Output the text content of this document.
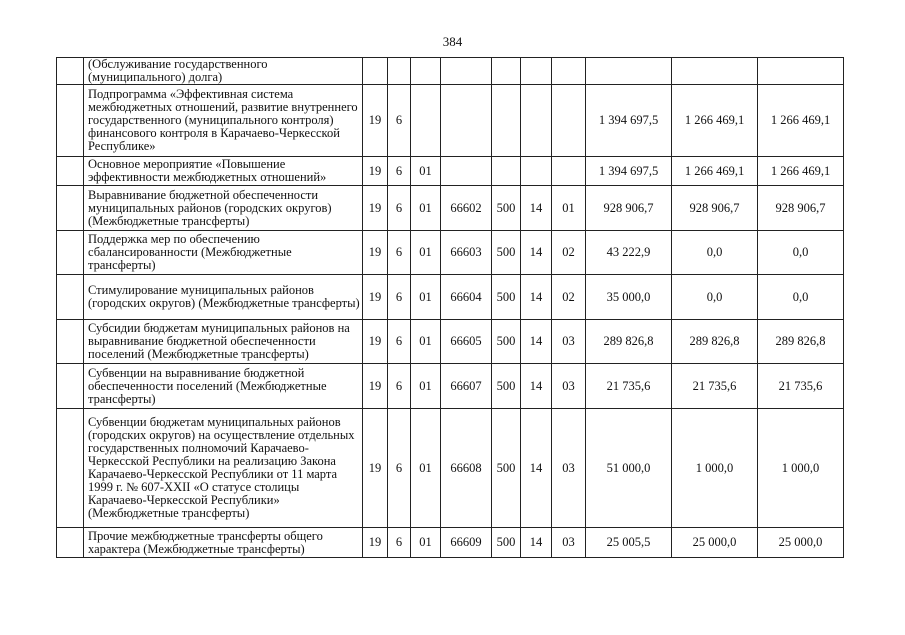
384
	(Обслуживание государственного (муниципального) долга)										
	Подпрограмма «Эффективная система межбюджетных отношений, развитие внутреннего государственного (муниципального контроля) финансового контроля в Карачаево-Черкесской Республике»	19	6						1 394 697,5	1 266 469,1	1 266 469,1
	Основное мероприятие «Повышение эффективности межбюджетных отношений»	19	6	01					1 394 697,5	1 266 469,1	1 266 469,1
	Выравнивание бюджетной обеспеченности муниципальных районов (городских округов) (Межбюджетные трансферты)	19	6	01	66602	500	14	01	928 906,7	928 906,7	928 906,7
	Поддержка мер по обеспечению сбалансированности (Межбюджетные трансферты)	19	6	01	66603	500	14	02	43 222,9	0,0	0,0
	Стимулирование муниципальных районов (городских округов) (Межбюджетные трансферты)	19	6	01	66604	500	14	02	35 000,0	0,0	0,0
	Субсидии бюджетам муниципальных районов на выравнивание бюджетной обеспеченности поселений (Межбюджетные трансферты)	19	6	01	66605	500	14	03	289 826,8	289 826,8	289 826,8
	Субвенции на выравнивание бюджетной обеспеченности поселений (Межбюджетные трансферты)	19	6	01	66607	500	14	03	21 735,6	21 735,6	21 735,6
	Субвенции бюджетам муниципальных районов (городских округов) на осуществление отдельных государственных полномочий Карачаево-Черкесской Республики на реализацию Закона Карачаево-Черкесской Республики от 11 марта 1999 г. № 607-XXII «О статусе столицы Карачаево-Черкесской Республики» (Межбюджетные трансферты)	19	6	01	66608	500	14	03	51 000,0	1 000,0	1 000,0
	Прочие межбюджетные трансферты общего характера (Межбюджетные трансферты)	19	6	01	66609	500	14	03	25 005,5	25 000,0	25 000,0
